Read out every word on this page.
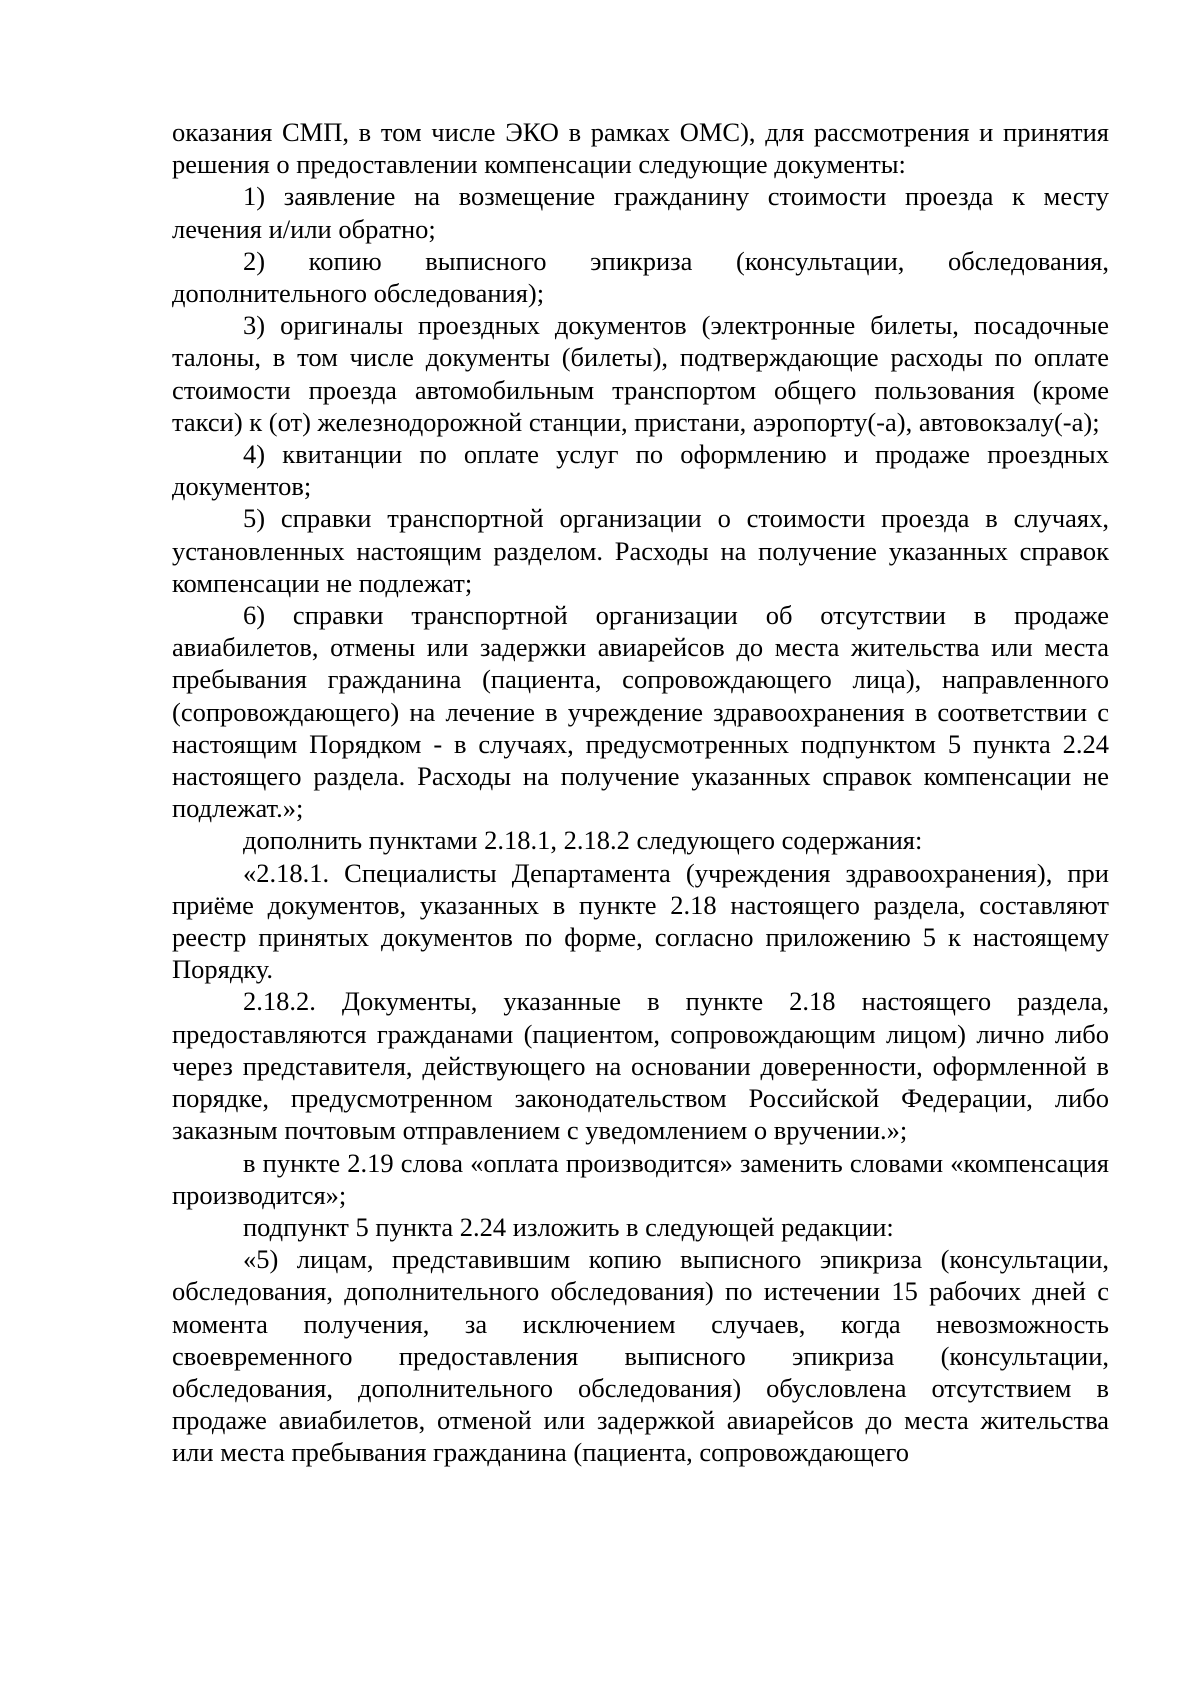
оказания СМП, в том числе ЭКО в рамках ОМС), для рассмотрения и принятия решения о предоставлении компенсации следующие документы:

1) заявление на возмещение гражданину стоимости проезда к месту лечения и/или обратно;

2) копию выписного эпикриза (консультации, обследования, дополнительного обследования);

3) оригиналы проездных документов (электронные билеты, посадочные талоны, в том числе документы (билеты), подтверждающие расходы по оплате стоимости проезда автомобильным транспортом общего пользования (кроме такси) к (от) железнодорожной станции, пристани, аэропорту(-а), автовокзалу(-а);

4) квитанции по оплате услуг по оформлению и продаже проездных документов;

5) справки транспортной организации о стоимости проезда в случаях, установленных настоящим разделом. Расходы на получение указанных справок компенсации не подлежат;

6) справки транспортной организации об отсутствии в продаже авиабилетов, отмены или задержки авиарейсов до места жительства или места пребывания гражданина (пациента, сопровождающего лица), направленного (сопровождающего) на лечение в учреждение здравоохранения в соответствии с настоящим Порядком - в случаях, предусмотренных подпунктом 5 пункта 2.24 настоящего раздела. Расходы на получение указанных справок компенсации не подлежат.»;

дополнить пунктами 2.18.1, 2.18.2 следующего содержания:

«2.18.1. Специалисты Департамента (учреждения здравоохранения), при приёме документов, указанных в пункте 2.18 настоящего раздела, составляют реестр принятых документов по форме, согласно приложению 5 к настоящему Порядку.

2.18.2. Документы, указанные в пункте 2.18 настоящего раздела, предоставляются гражданами (пациентом, сопровождающим лицом) лично либо через представителя, действующего на основании доверенности, оформленной в порядке, предусмотренном законодательством Российской Федерации, либо заказным почтовым отправлением с уведомлением о вручении.»;

в пункте 2.19 слова «оплата производится» заменить словами «компенсация производится»;

подпункт 5 пункта 2.24 изложить в следующей редакции:

«5) лицам, представившим копию выписного эпикриза (консультации, обследования, дополнительного обследования) по истечении 15 рабочих дней с момента получения, за исключением случаев, когда невозможность своевременного предоставления выписного эпикриза (консультации, обследования, дополнительного обследования) обусловлена отсутствием в продаже авиабилетов, отменой или задержкой авиарейсов до места жительства или места пребывания гражданина (пациента, сопровождающего
